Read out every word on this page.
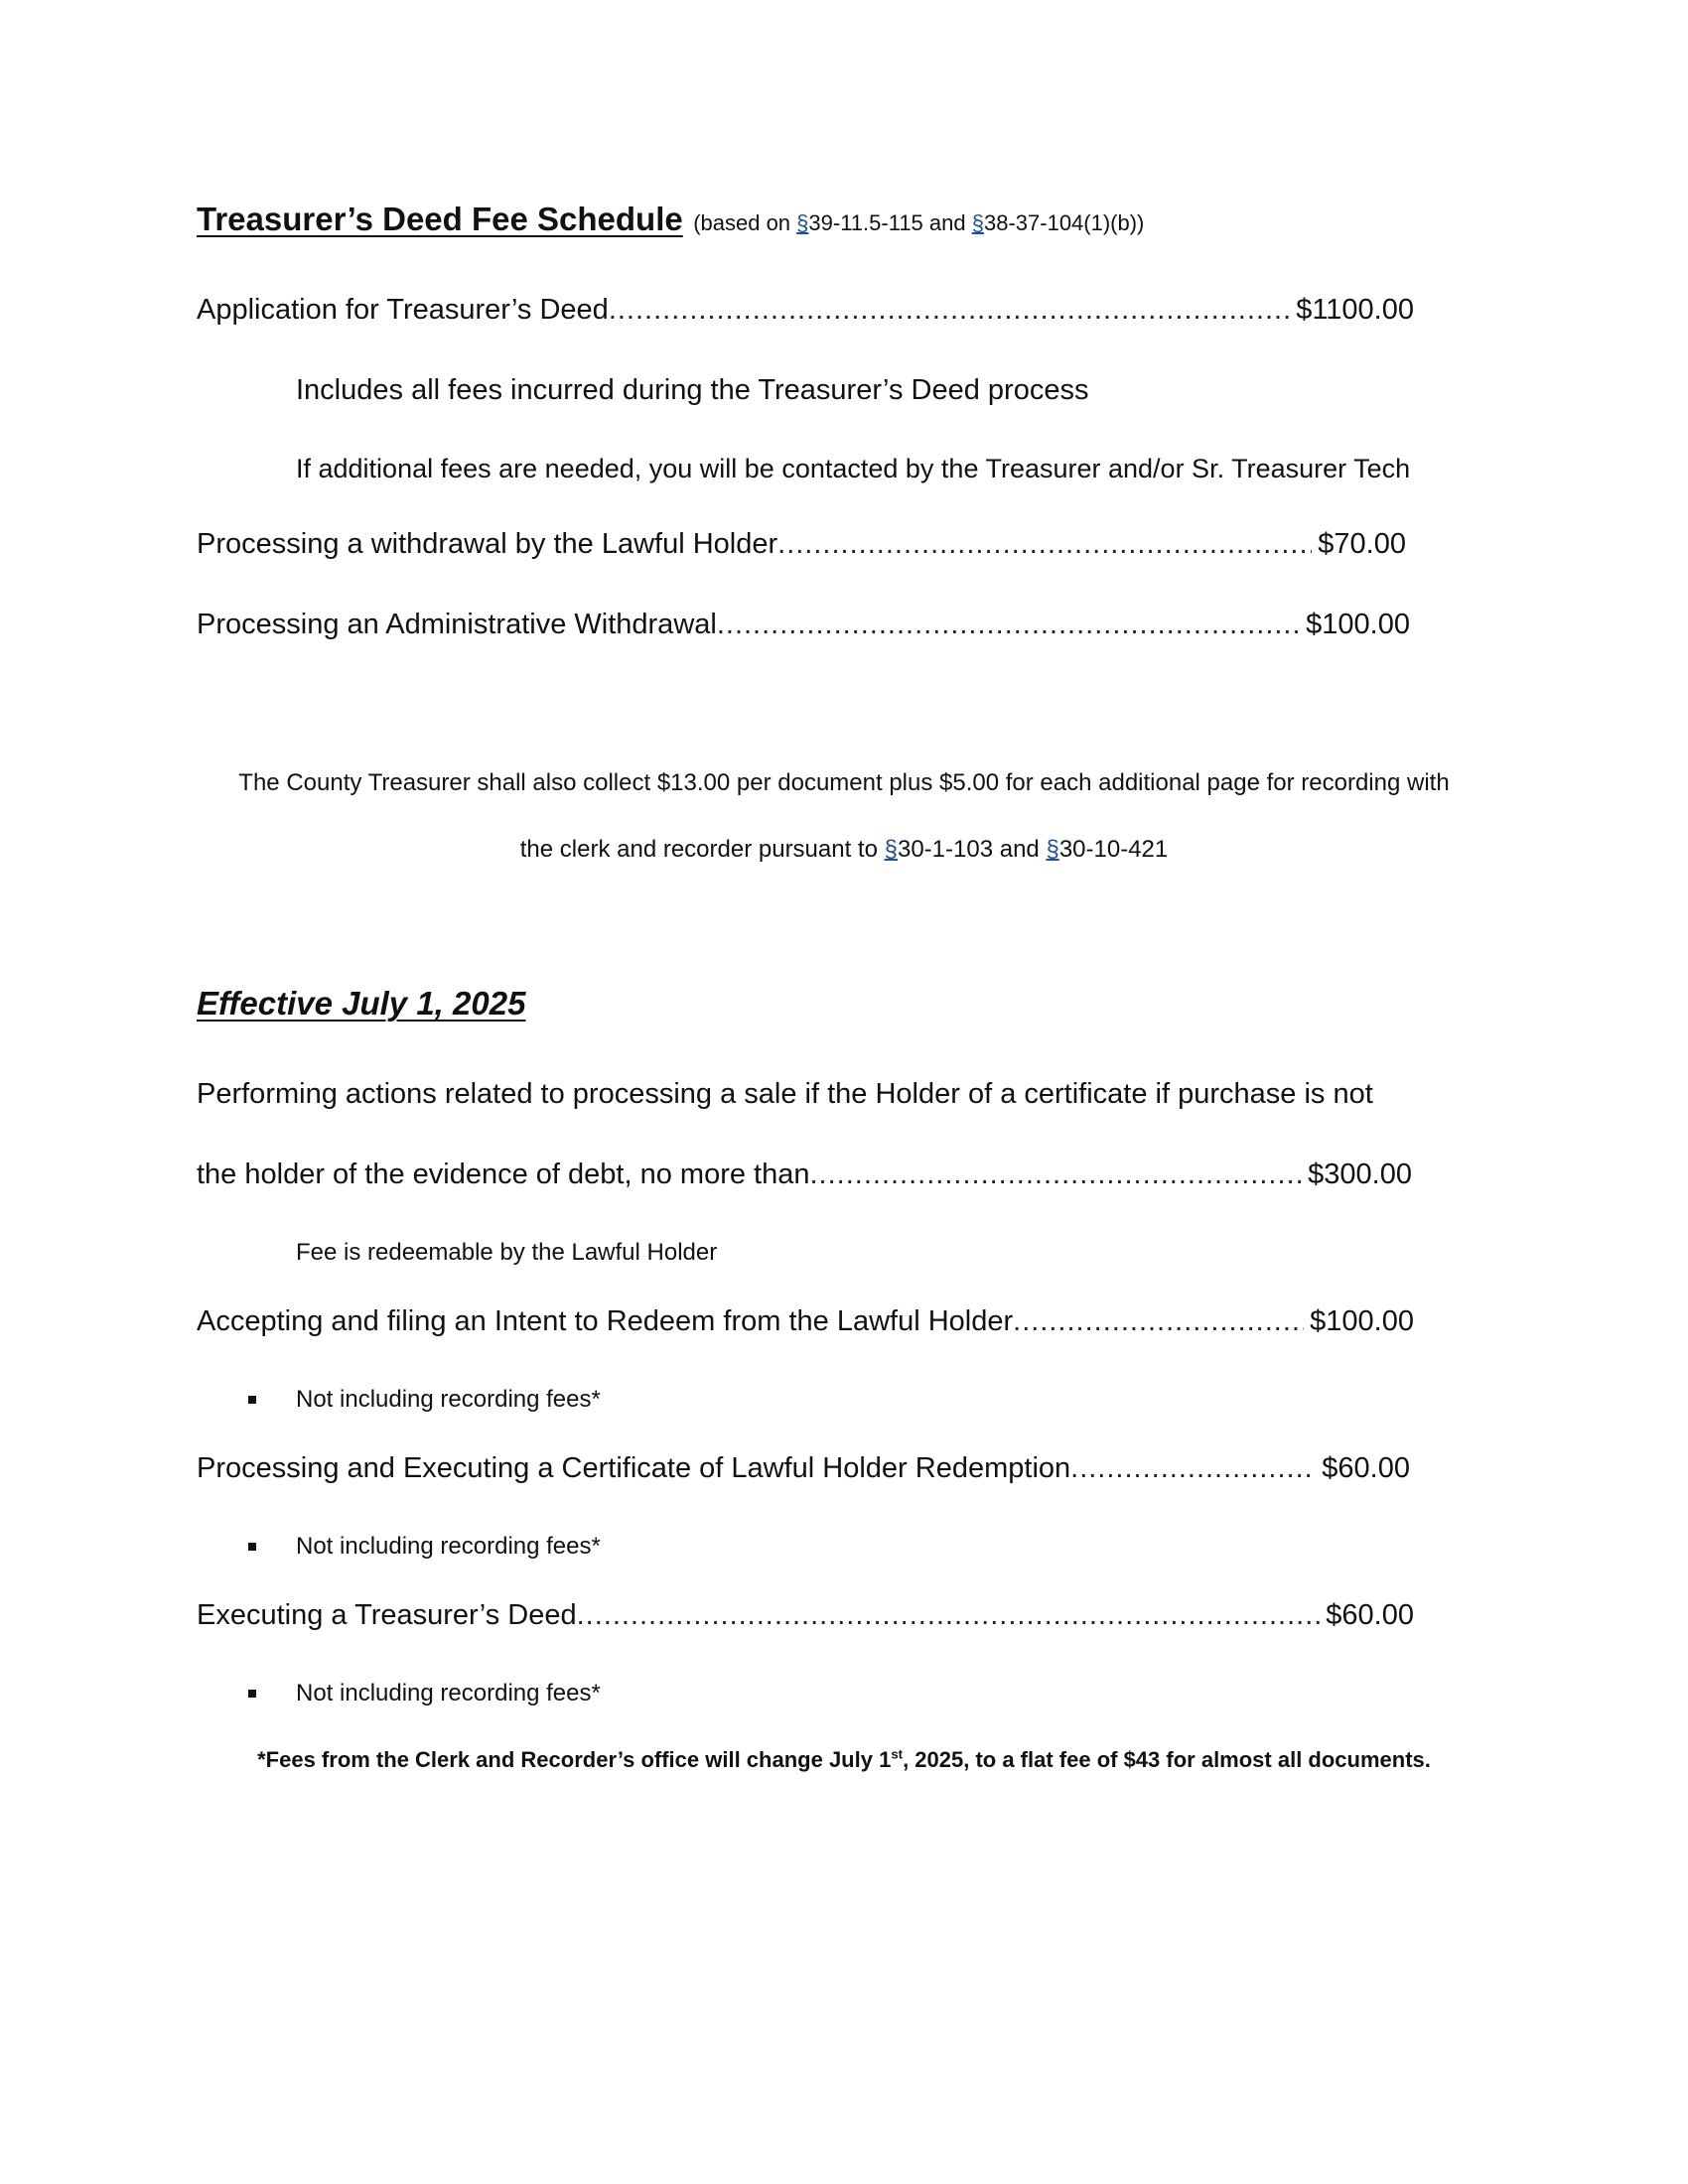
Treasurer’s Deed Fee Schedule (based on §39-11.5-115 and §38-37-104(1)(b))
Application for Treasurer’s Deed .....	$1100.00
Includes all fees incurred during the Treasurer’s Deed process
If additional fees are needed, you will be contacted by the Treasurer and/or Sr. Treasurer Tech
Processing a withdrawal by the Lawful Holder .....	$70.00
Processing an Administrative Withdrawal .....	$100.00
The County Treasurer shall also collect $13.00 per document plus $5.00 for each additional page for recording with
the clerk and recorder pursuant to §30-1-103 and §30-10-421
Effective July 1, 2025
Performing actions related to processing a sale if the Holder of a certificate if purchase is not
the holder of the evidence of debt, no more than .....	$300.00
Fee is redeemable by the Lawful Holder
Accepting and filing an Intent to Redeem from the Lawful Holder .....	$100.00
Not including recording fees*
Processing and Executing a Certificate of Lawful Holder Redemption .....	$60.00
Not including recording fees*
Executing a Treasurer’s Deed .....	$60.00
Not including recording fees*
*Fees from the Clerk and Recorder’s office will change July 1st, 2025, to a flat fee of $43 for almost all documents.
